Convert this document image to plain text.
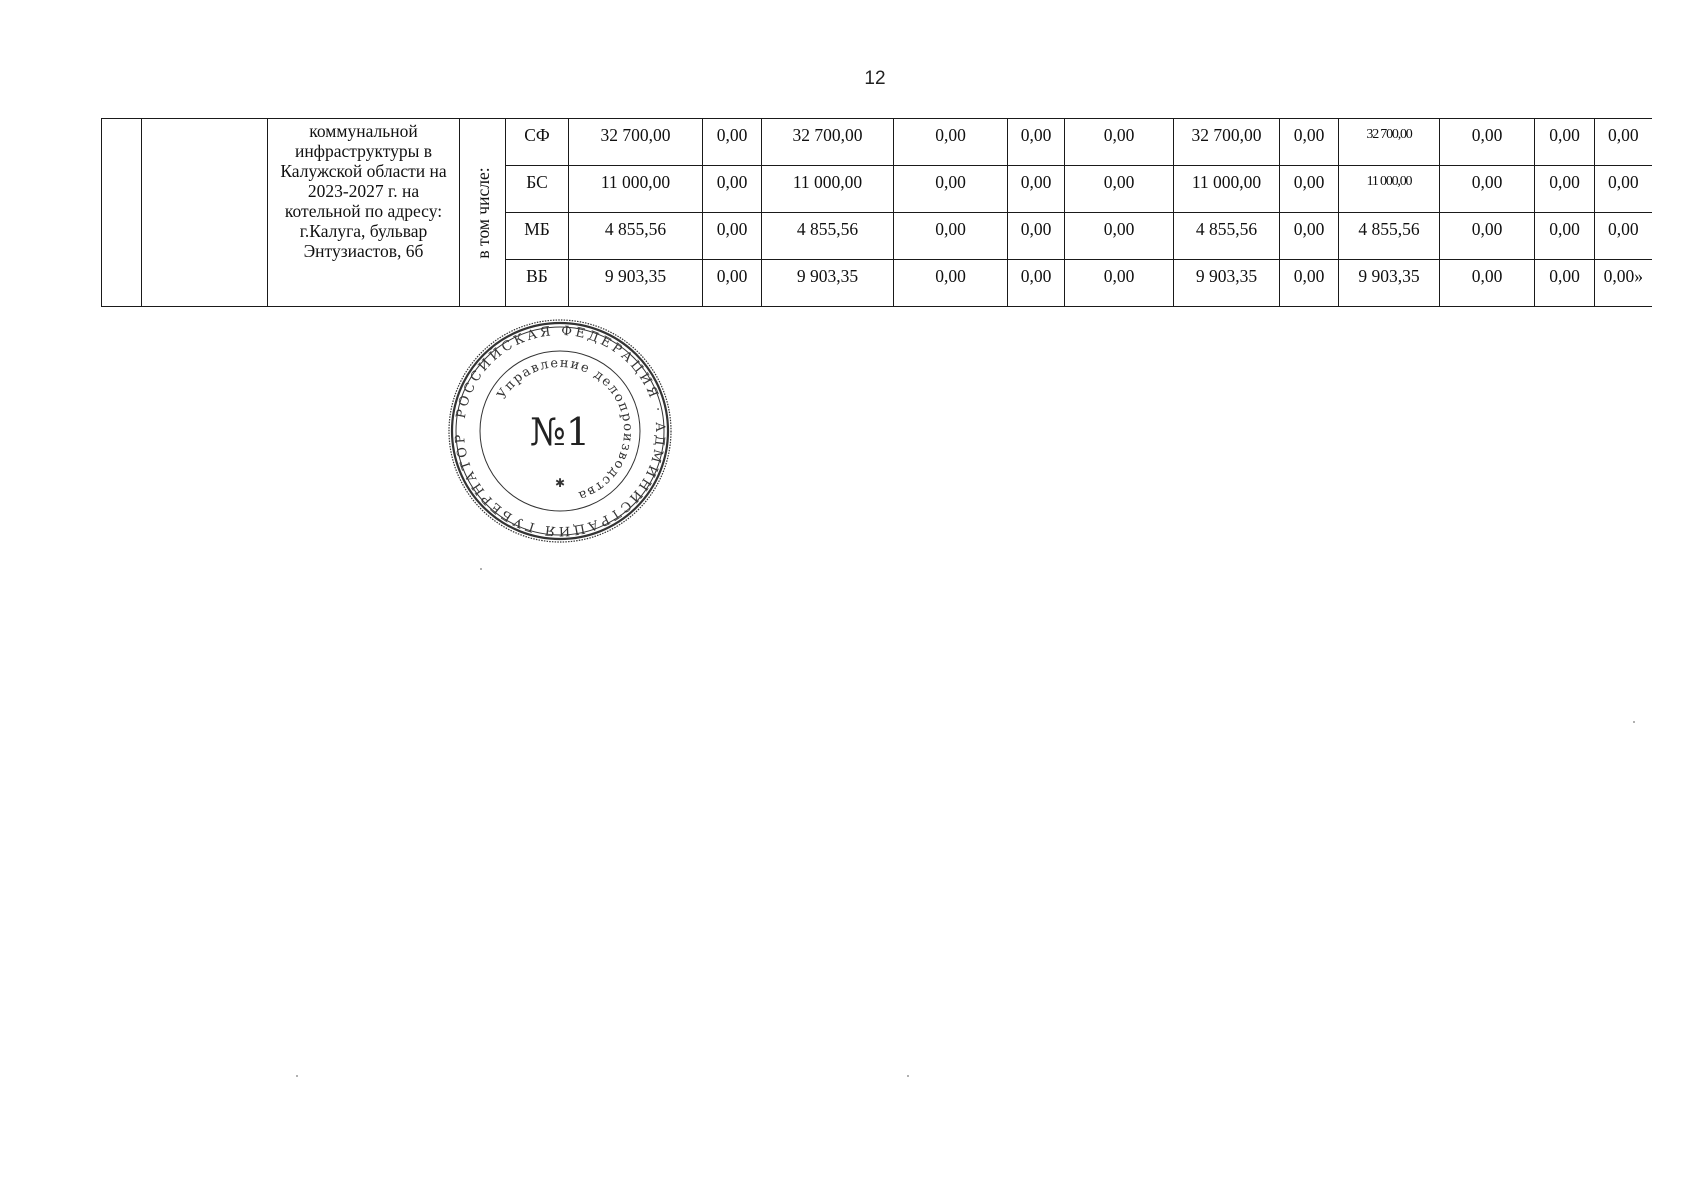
12
		коммунальной инфраструктуры в Калужской области на 2023-2027 г. на котельной по адресу: г.Калуга, бульвар Энтузиастов, 6б	в том числе:	СФ	32 700,00	0,00	32 700,00	0,00	0,00	0,00	32 700,00	0,00	32 700,00	0,00	0,00	0,00
				БС	11 000,00	0,00	11 000,00	0,00	0,00	0,00	11 000,00	0,00	11 000,00	0,00	0,00	0,00
				МБ	4 855,56	0,00	4 855,56	0,00	0,00	0,00	4 855,56	0,00	4 855,56	0,00	0,00	0,00
				ВБ	9 903,35	0,00	9 903,35	0,00	0,00	0,00	9 903,35	0,00	9 903,35	0,00	0,00	0,00»
РОССИЙСКАЯ ФЕДЕРАЦИЯ · АДМИНИСТРАЦИЯ ГУБЕРНАТОР
Управление делопроизводства
№1
✱
